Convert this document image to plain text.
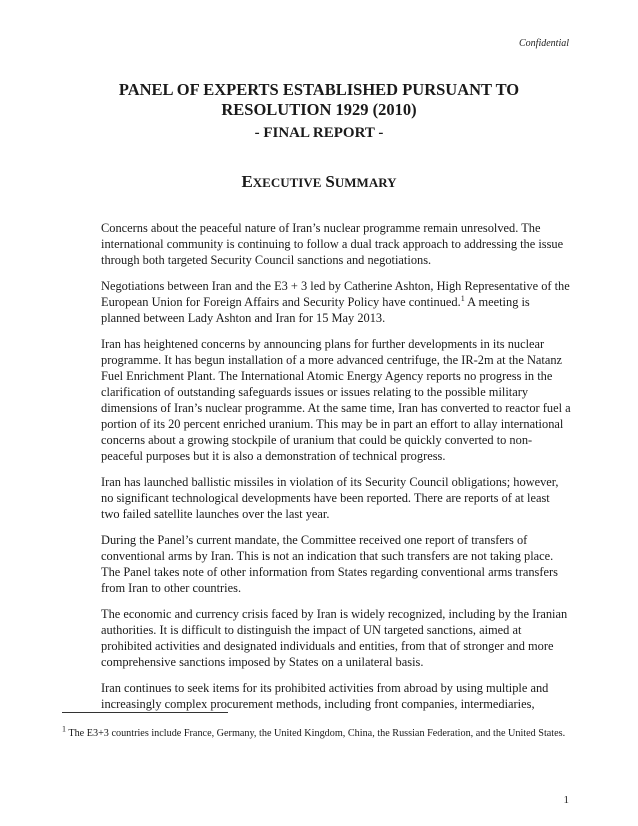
Confidential
PANEL OF EXPERTS ESTABLISHED PURSUANT TO
RESOLUTION 1929 (2010)
- FINAL REPORT -
EXECUTIVE SUMMARY

Concerns about the peaceful nature of Iran’s nuclear programme remain unresolved. The international community is continuing to follow a dual track approach to addressing the issue through both targeted Security Council sanctions and negotiations.

Negotiations between Iran and the E3 + 3 led by Catherine Ashton, High Representative of the European Union for Foreign Affairs and Security Policy have continued.$^1$ A meeting is planned between Lady Ashton and Iran for 15 May 2013.

Iran has heightened concerns by announcing plans for further developments in its nuclear programme. It has begun installation of a more advanced centrifuge, the IR-2m at the Natanz Fuel Enrichment Plant. The International Atomic Energy Agency reports no progress in the clarification of outstanding safeguards issues or issues relating to the possible military dimensions of Iran’s nuclear programme. At the same time, Iran has converted to reactor fuel a portion of its 20 percent enriched uranium. This may be in part an effort to allay international concerns about a growing stockpile of uranium that could be quickly converted to non-peaceful purposes but it is also a demonstration of technical progress.

Iran has launched ballistic missiles in violation of its Security Council obligations; however, no significant technological developments have been reported. There are reports of at least two failed satellite launches over the last year.

During the Panel’s current mandate, the Committee received one report of transfers of conventional arms by Iran. This is not an indication that such transfers are not taking place. The Panel takes note of other information from States regarding conventional arms transfers from Iran to other countries.

The economic and currency crisis faced by Iran is widely recognized, including by the Iranian authorities. It is difficult to distinguish the impact of UN targeted sanctions, aimed at prohibited activities and designated individuals and entities, from that of stronger and more comprehensive sanctions imposed by States on a unilateral basis.

Iran continues to seek items for its prohibited activities from abroad by using multiple and increasingly complex procurement methods, including front companies, intermediaries,

$^1$ The E3+3 countries include France, Germany, the United Kingdom, China, the Russian Federation, and the United States.
1
